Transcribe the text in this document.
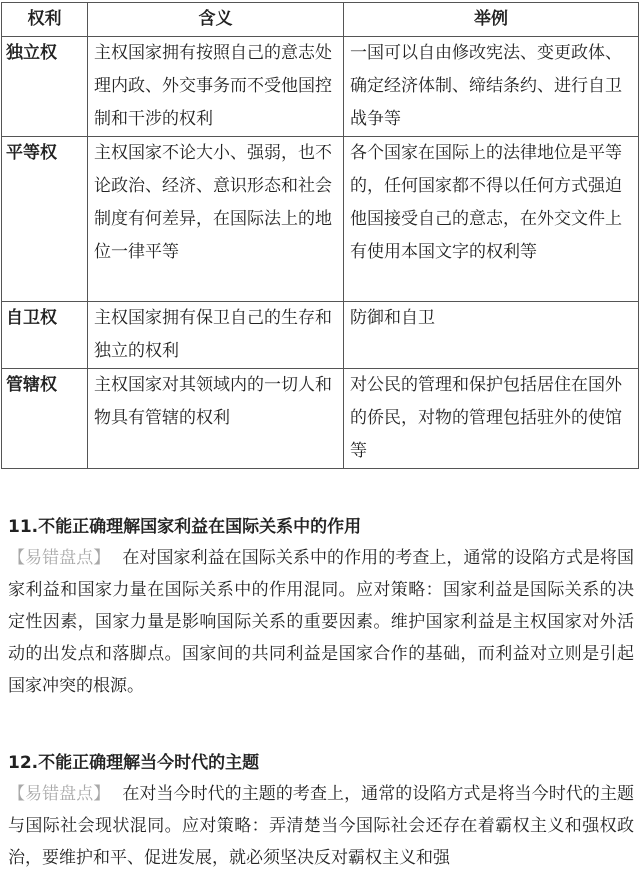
权利	含义	举例
独立权	主权国家拥有按照自己的意志处理内政、外交事务而不受他国控制和干涉的权利	一国可以自由修改宪法、变更政体、确定经济体制、缔结条约、进行自卫战争等
平等权	主权国家不论大小、强弱，也不论政治、经济、意识形态和社会制度有何差异，在国际法上的地位一律平等	各个国家在国际上的法律地位是平等的，任何国家都不得以任何方式强迫他国接受自己的意志，在外交文件上有使用本国文字的权利等
自卫权	主权国家拥有保卫自己的生存和独立的权利	防御和自卫
管辖权	主权国家对其领域内的一切人和物具有管辖的权利	对公民的管理和保护包括居住在国外的侨民，对物的管理包括驻外的使馆等

11.不能正确理解国家利益在国际关系中的作用

【易错盘点】 在对国家利益在国际关系中的作用的考查上，通常的设陷方式是将国家利益和国家力量在国际关系中的作用混同。应对策略：国家利益是国际关系的决定性因素，国家力量是影响国际关系的重要因素。维护国家利益是主权国家对外活动的出发点和落脚点。国家间的共同利益是国家合作的基础，而利益对立则是引起国家冲突的根源。

12.不能正确理解当今时代的主题

【易错盘点】 在对当今时代的主题的考查上，通常的设陷方式是将当今时代的主题与国际社会现状混同。应对策略：弄清楚当今国际社会还存在着霸权主义和强权政治，要维护和平、促进发展，就必须坚决反对霸权主义和强
